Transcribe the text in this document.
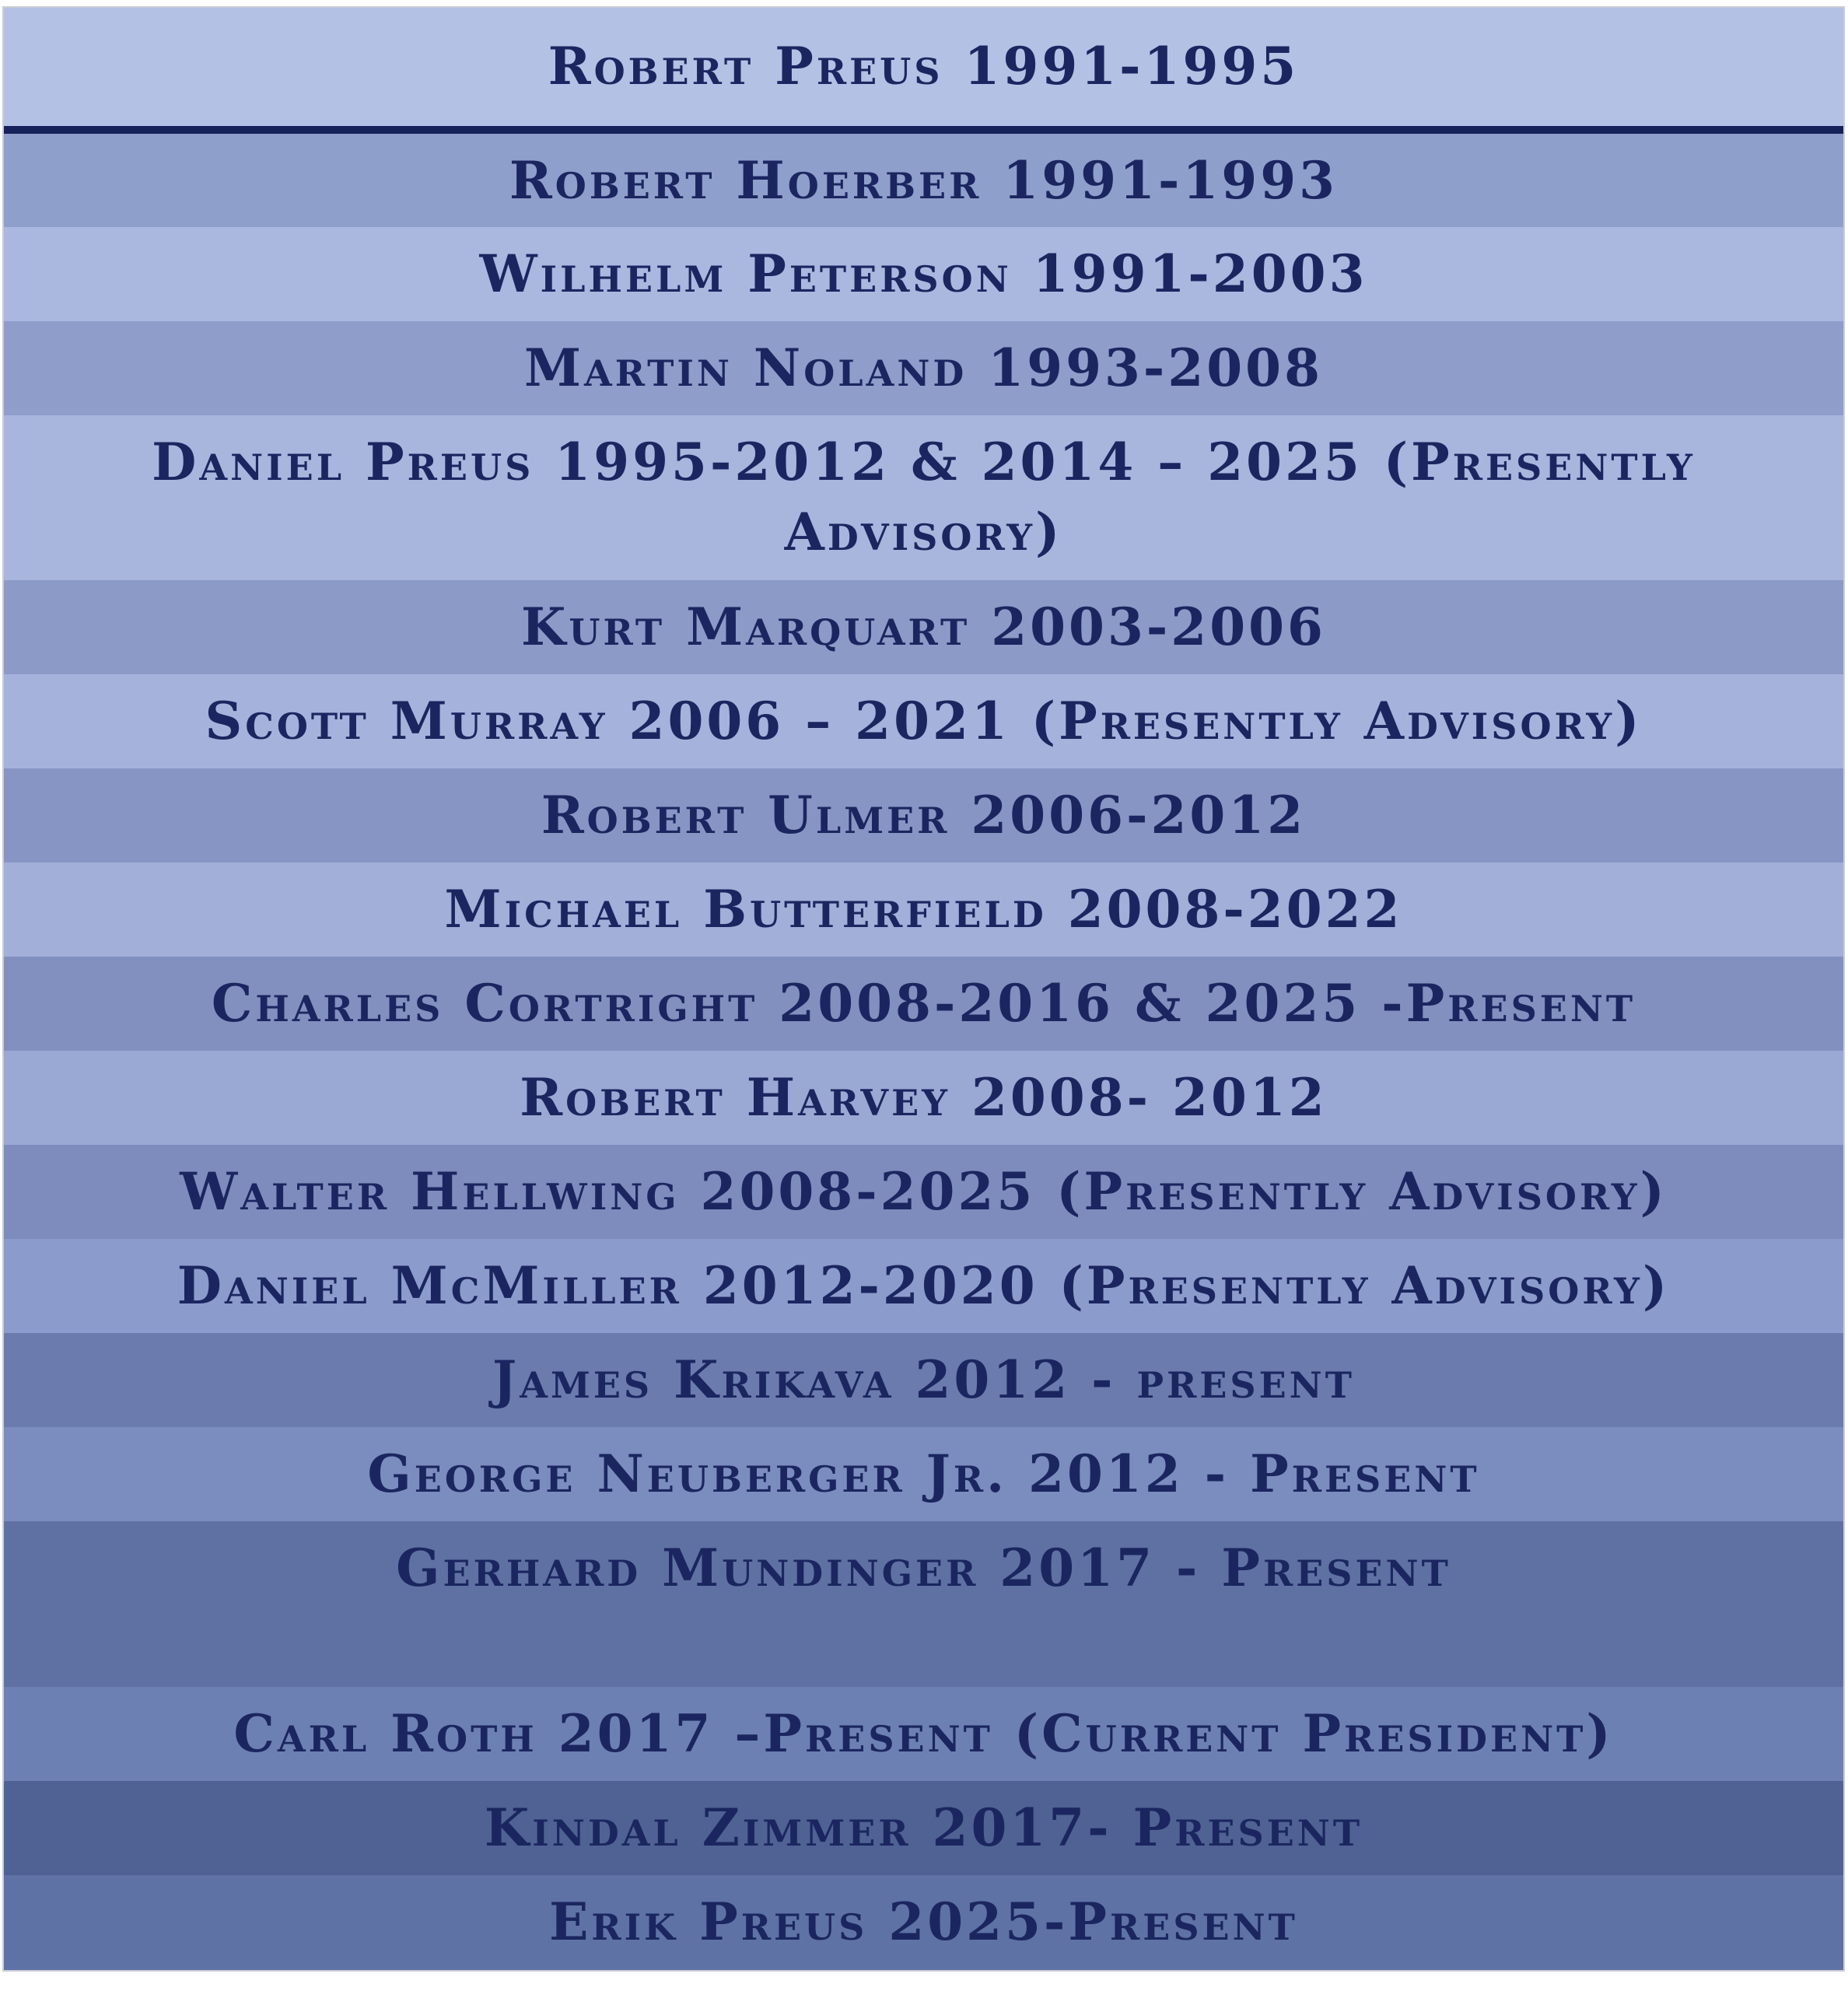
Robert Preus 1991-1995
Robert Hoerber 1991-1993
Wilhelm Peterson 1991-2003
Martin Noland 1993-2008
Daniel Preus 1995-2012 & 2014 – 2025 (Presently Advisory)
Kurt Marquart 2003-2006
Scott Murray 2006 – 2021 (Presently Advisory)
Robert Ulmer 2006-2012
Michael Butterfield 2008-2022
Charles Cortright 2008-2016 & 2025 -Present
Robert Harvey 2008- 2012
Walter Hellwing 2008-2025 (Presently Advisory)
Daniel McMiller 2012-2020 (Presently Advisory)
James Krikava 2012 - present
George Neuberger Jr. 2012 - Present
Gerhard Mundinger 2017 - Present
Carl Roth 2017 –Present (Current President)
Kindal Zimmer 2017- Present
Erik Preus 2025-Present
